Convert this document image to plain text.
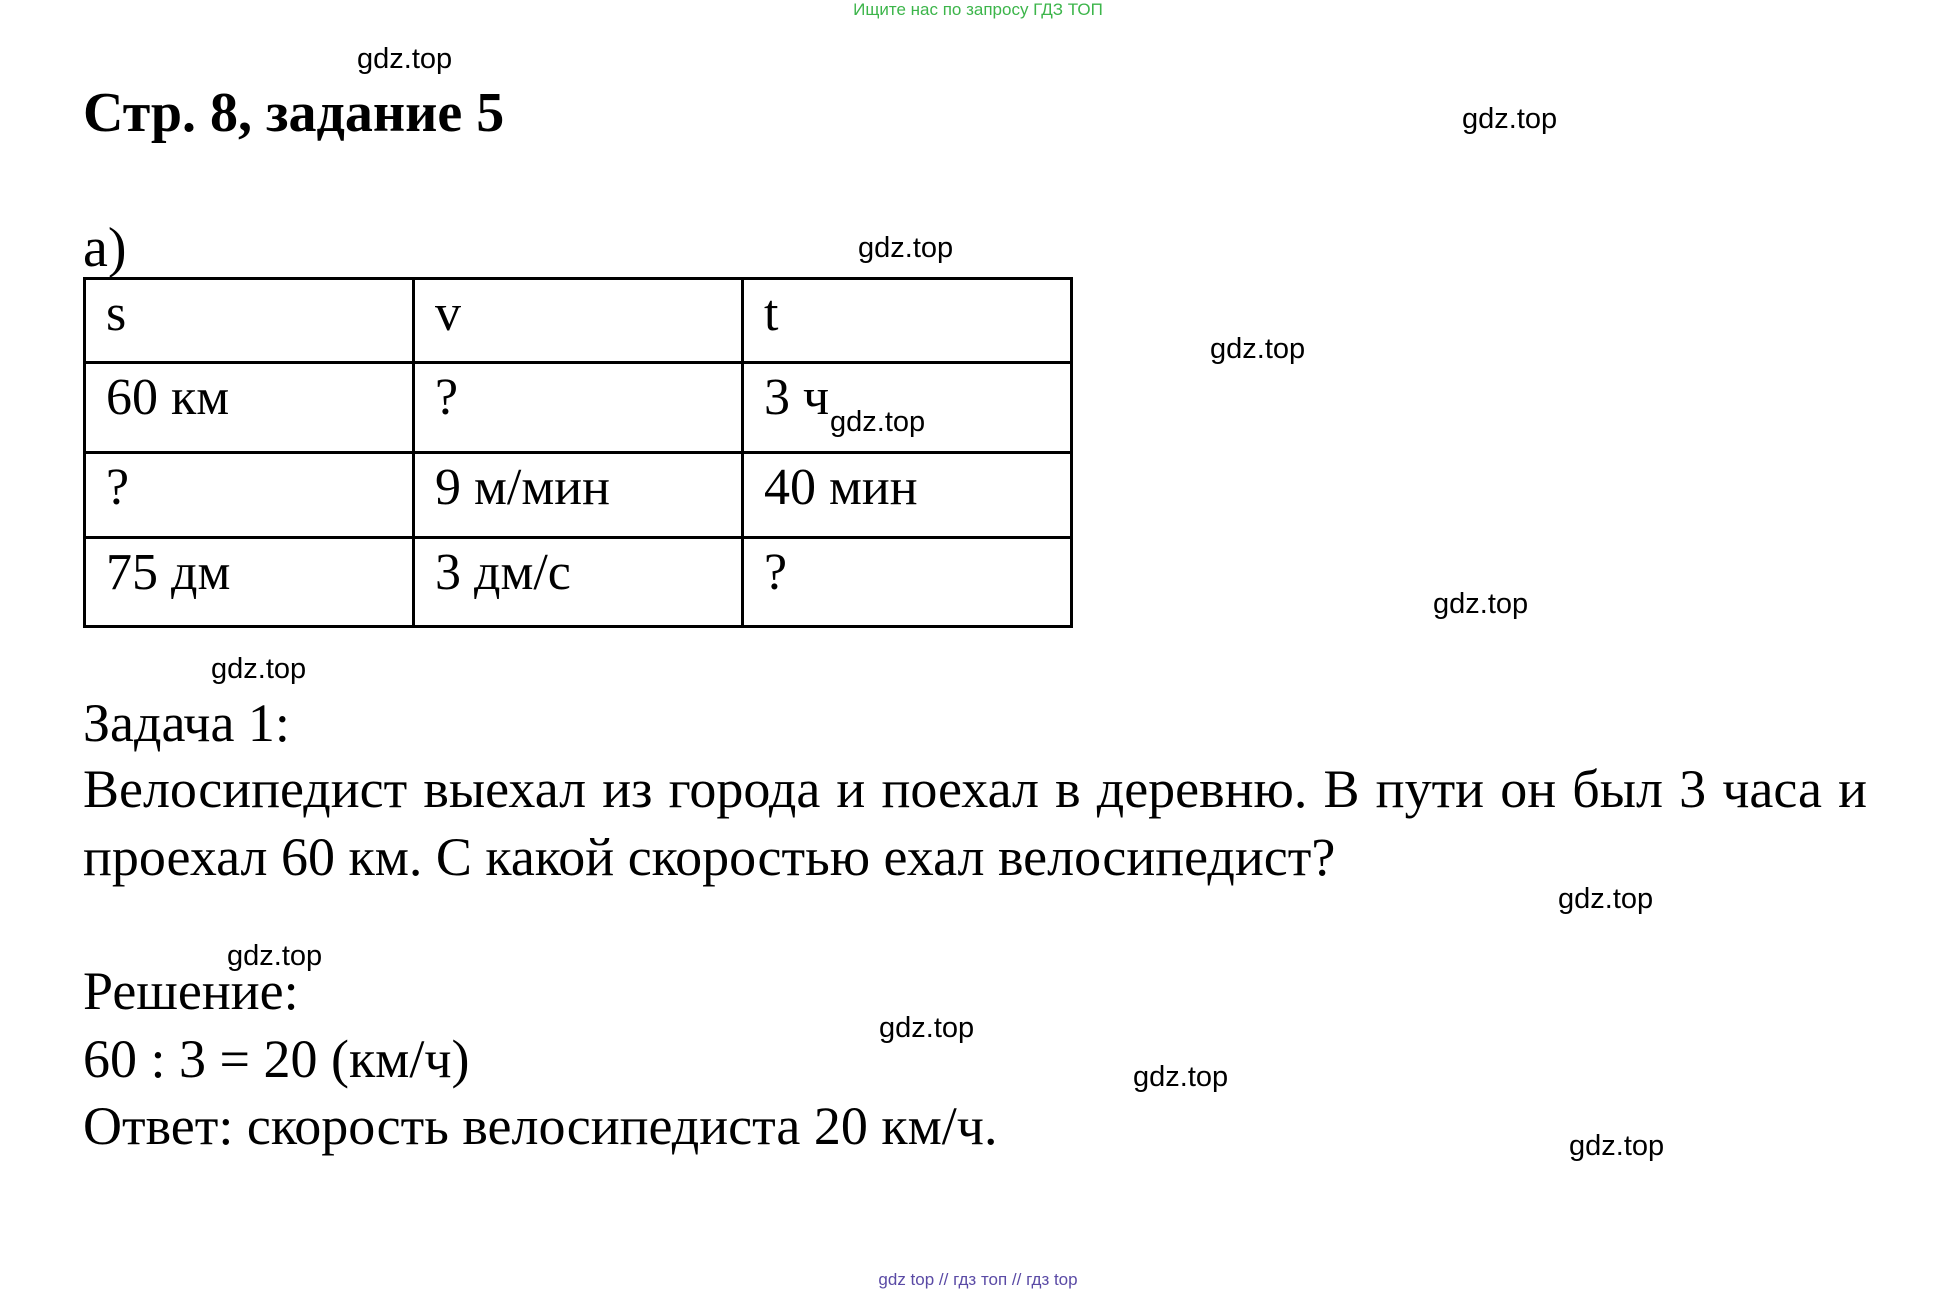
Ищите нас по запросу ГДЗ ТОП
Стр. 8, задание 5
а)
s	v	t

60 км	?	3 ч

?	9 м/мин	40 мин

75 дм	3 дм/с	?
Задача 1:
Велосипедист выехал из города и поехал в деревню. В пути он был 3 часа и проехал 60 км. С какой скоростью ехал велосипедист?
Решение:
60 : 3 = 20 (км/ч)
Ответ: скорость велосипедиста 20 км/ч.
gdz.top
gdz.top
gdz.top
gdz.top
gdz.top
gdz.top
gdz.top
gdz.top
gdz.top
gdz.top
gdz.top
gdz.top
gdz top // гдз топ // гдз top
